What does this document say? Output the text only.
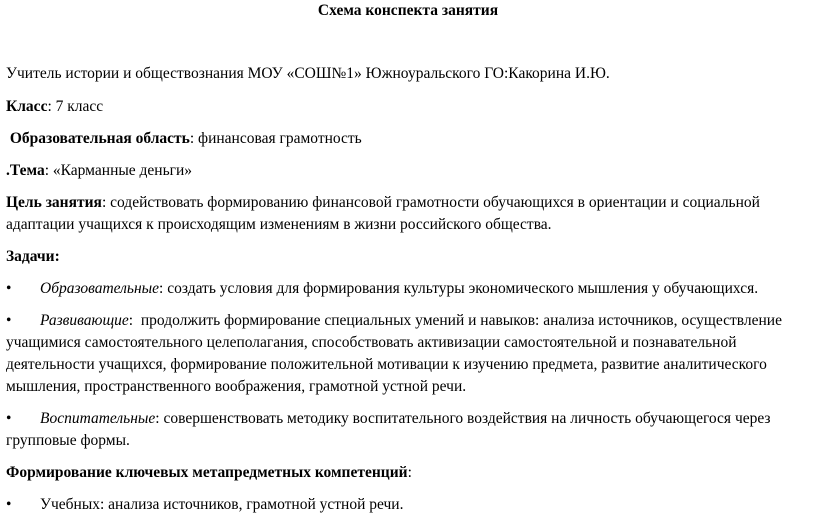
Схема конспекта занятия

Учитель истории и обществознания МОУ «СОШ№1» Южноуральского ГО:Какорина И.Ю.

Класс: 7 класс

Образовательная область: финансовая грамотность

.Тема: «Карманные деньги»

Цель занятия: содействовать формированию финансовой грамотности обучающихся в ориентации и социальной

адаптации учащихся к происходящим изменениям в жизни российского общества.

Задачи:

• Образовательные: создать условия для формирования культуры экономического мышления у обучающихся.
• Развивающие:  продолжить формирование специальных умений и навыков: анализа источников, осуществление

учащимися самостоятельного целеполагания, способствовать активизации самостоятельной и познавательной

деятельности учащихся, формирование положительной мотивации к изучению предмета, развитие аналитического

мышления, пространственного воображения, грамотной устной речи.

• Воспитательные: совершенствовать методику воспитательного воздействия на личность обучающегося через

групповые формы.

Формирование ключевых метапредметных компетенций:

• Учебных: анализа источников, грамотной устной речи.
